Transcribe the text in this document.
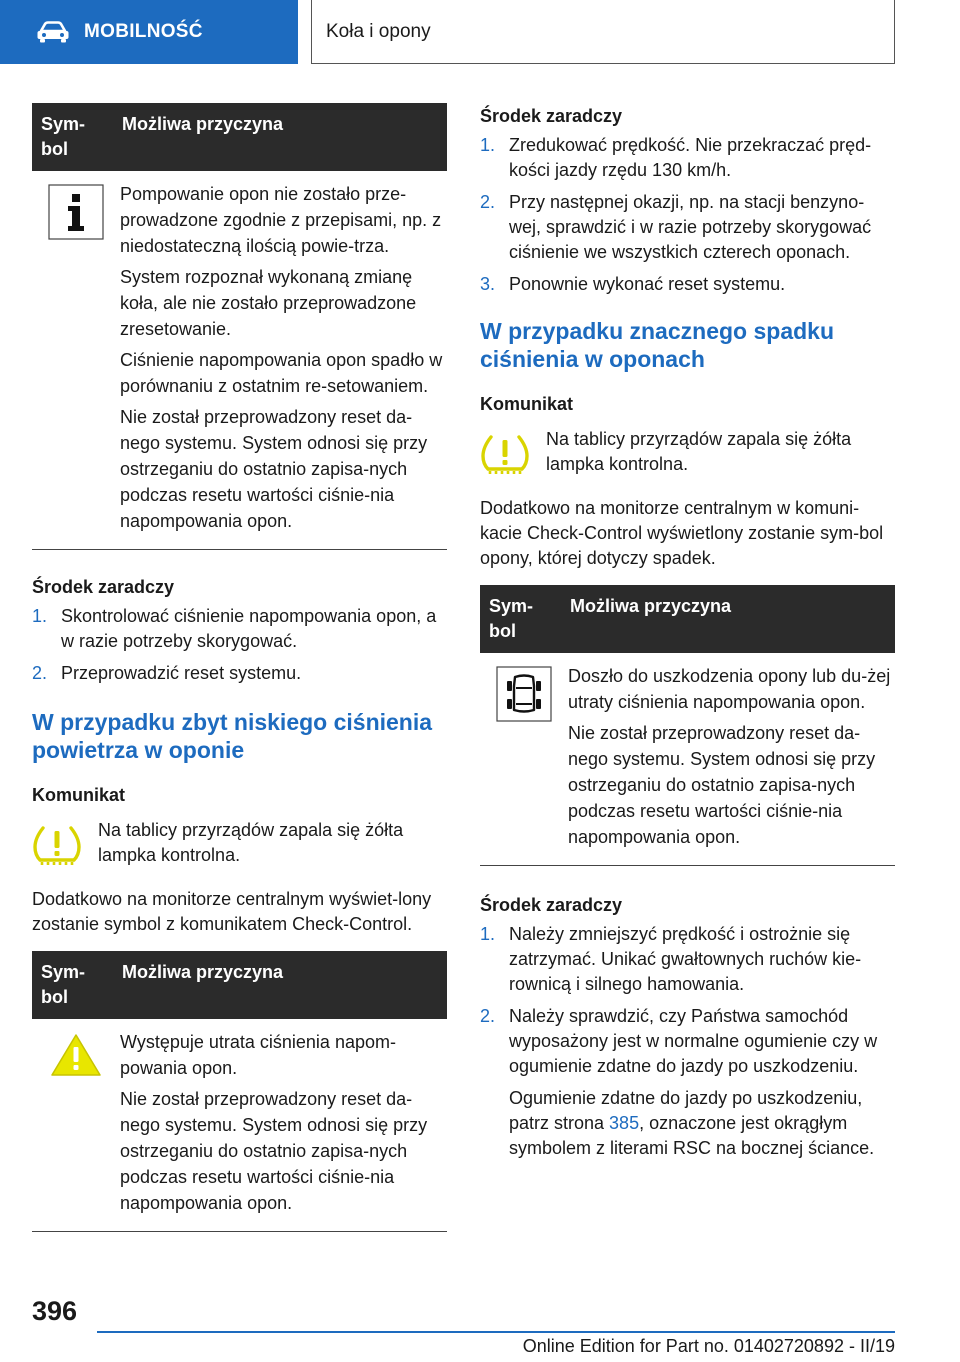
MOBILNOŚĆ	Koła i opony
Sym-
bol
Możliwa przyczyna

Pompowanie opon nie zostało prze-prowadzone zgodnie z przepisami, np. z niedostateczną ilością powie-trza.

System rozpoznał wykonaną zmianę koła, ale nie zostało przeprowadzone zresetowanie.

Ciśnienie napompowania opon spadło w porównaniu z ostatnim re-setowaniem.

Nie został przeprowadzony reset da-nego systemu. System odnosi się przy ostrzeganiu do ostatnio zapisa-nych podczas resetu wartości ciśnie-nia napompowania opon.

Środek zaradczy
1. Skontrolować ciśnienie napompowania opon, a w razie potrzeby skorygować.
2. Przeprowadzić reset systemu.
W przypadku zbyt niskiego ciśnienia powietrza w oponie
Komunikat
Na tablicy przyrządów zapala się żółta lampka kontrolna.
Dodatkowo na monitorze centralnym wyświet-lony zostanie symbol z komunikatem Check-Control.
Sym-
bol
Możliwa przyczyna

Występuje utrata ciśnienia napom-powania opon.

Nie został przeprowadzony reset da-nego systemu. System odnosi się przy ostrzeganiu do ostatnio zapisa-nych podczas resetu wartości ciśnie-nia napompowania opon.

Środek zaradczy
1. Zredukować prędkość. Nie przekraczać pręd-kości jazdy rzędu 130 km/h.
2. Przy następnej okazji, np. na stacji benzyno-wej, sprawdzić i w razie potrzeby skorygować ciśnienie we wszystkich czterech oponach.
3. Ponownie wykonać reset systemu.
W przypadku znacznego spadku ciśnienia w oponach
Komunikat
Na tablicy przyrządów zapala się żółta lampka kontrolna.
Dodatkowo na monitorze centralnym w komuni-kacie Check-Control wyświetlony zostanie sym-bol opony, której dotyczy spadek.
Sym-
bol
Możliwa przyczyna

Doszło do uszkodzenia opony lub du-żej utraty ciśnienia napompowania opon.

Nie został przeprowadzony reset da-nego systemu. System odnosi się przy ostrzeganiu do ostatnio zapisa-nych podczas resetu wartości ciśnie-nia napompowania opon.

Środek zaradczy
1. Należy zmniejszyć prędkość i ostrożnie się zatrzymać. Unikać gwałtownych ruchów kie-rownicą i silnego hamowania.
2. Należy sprawdzić, czy Państwa samochód wyposażony jest w normalne ogumienie czy w ogumienie zdatne do jazdy po uszkodzeniu.

Ogumienie zdatne do jazdy po uszkodzeniu, patrz strona 385, oznaczone jest okrągłym symbolem z literami RSC na bocznej ściance.

396
Online Edition for Part no. 01402720892 - II/19
